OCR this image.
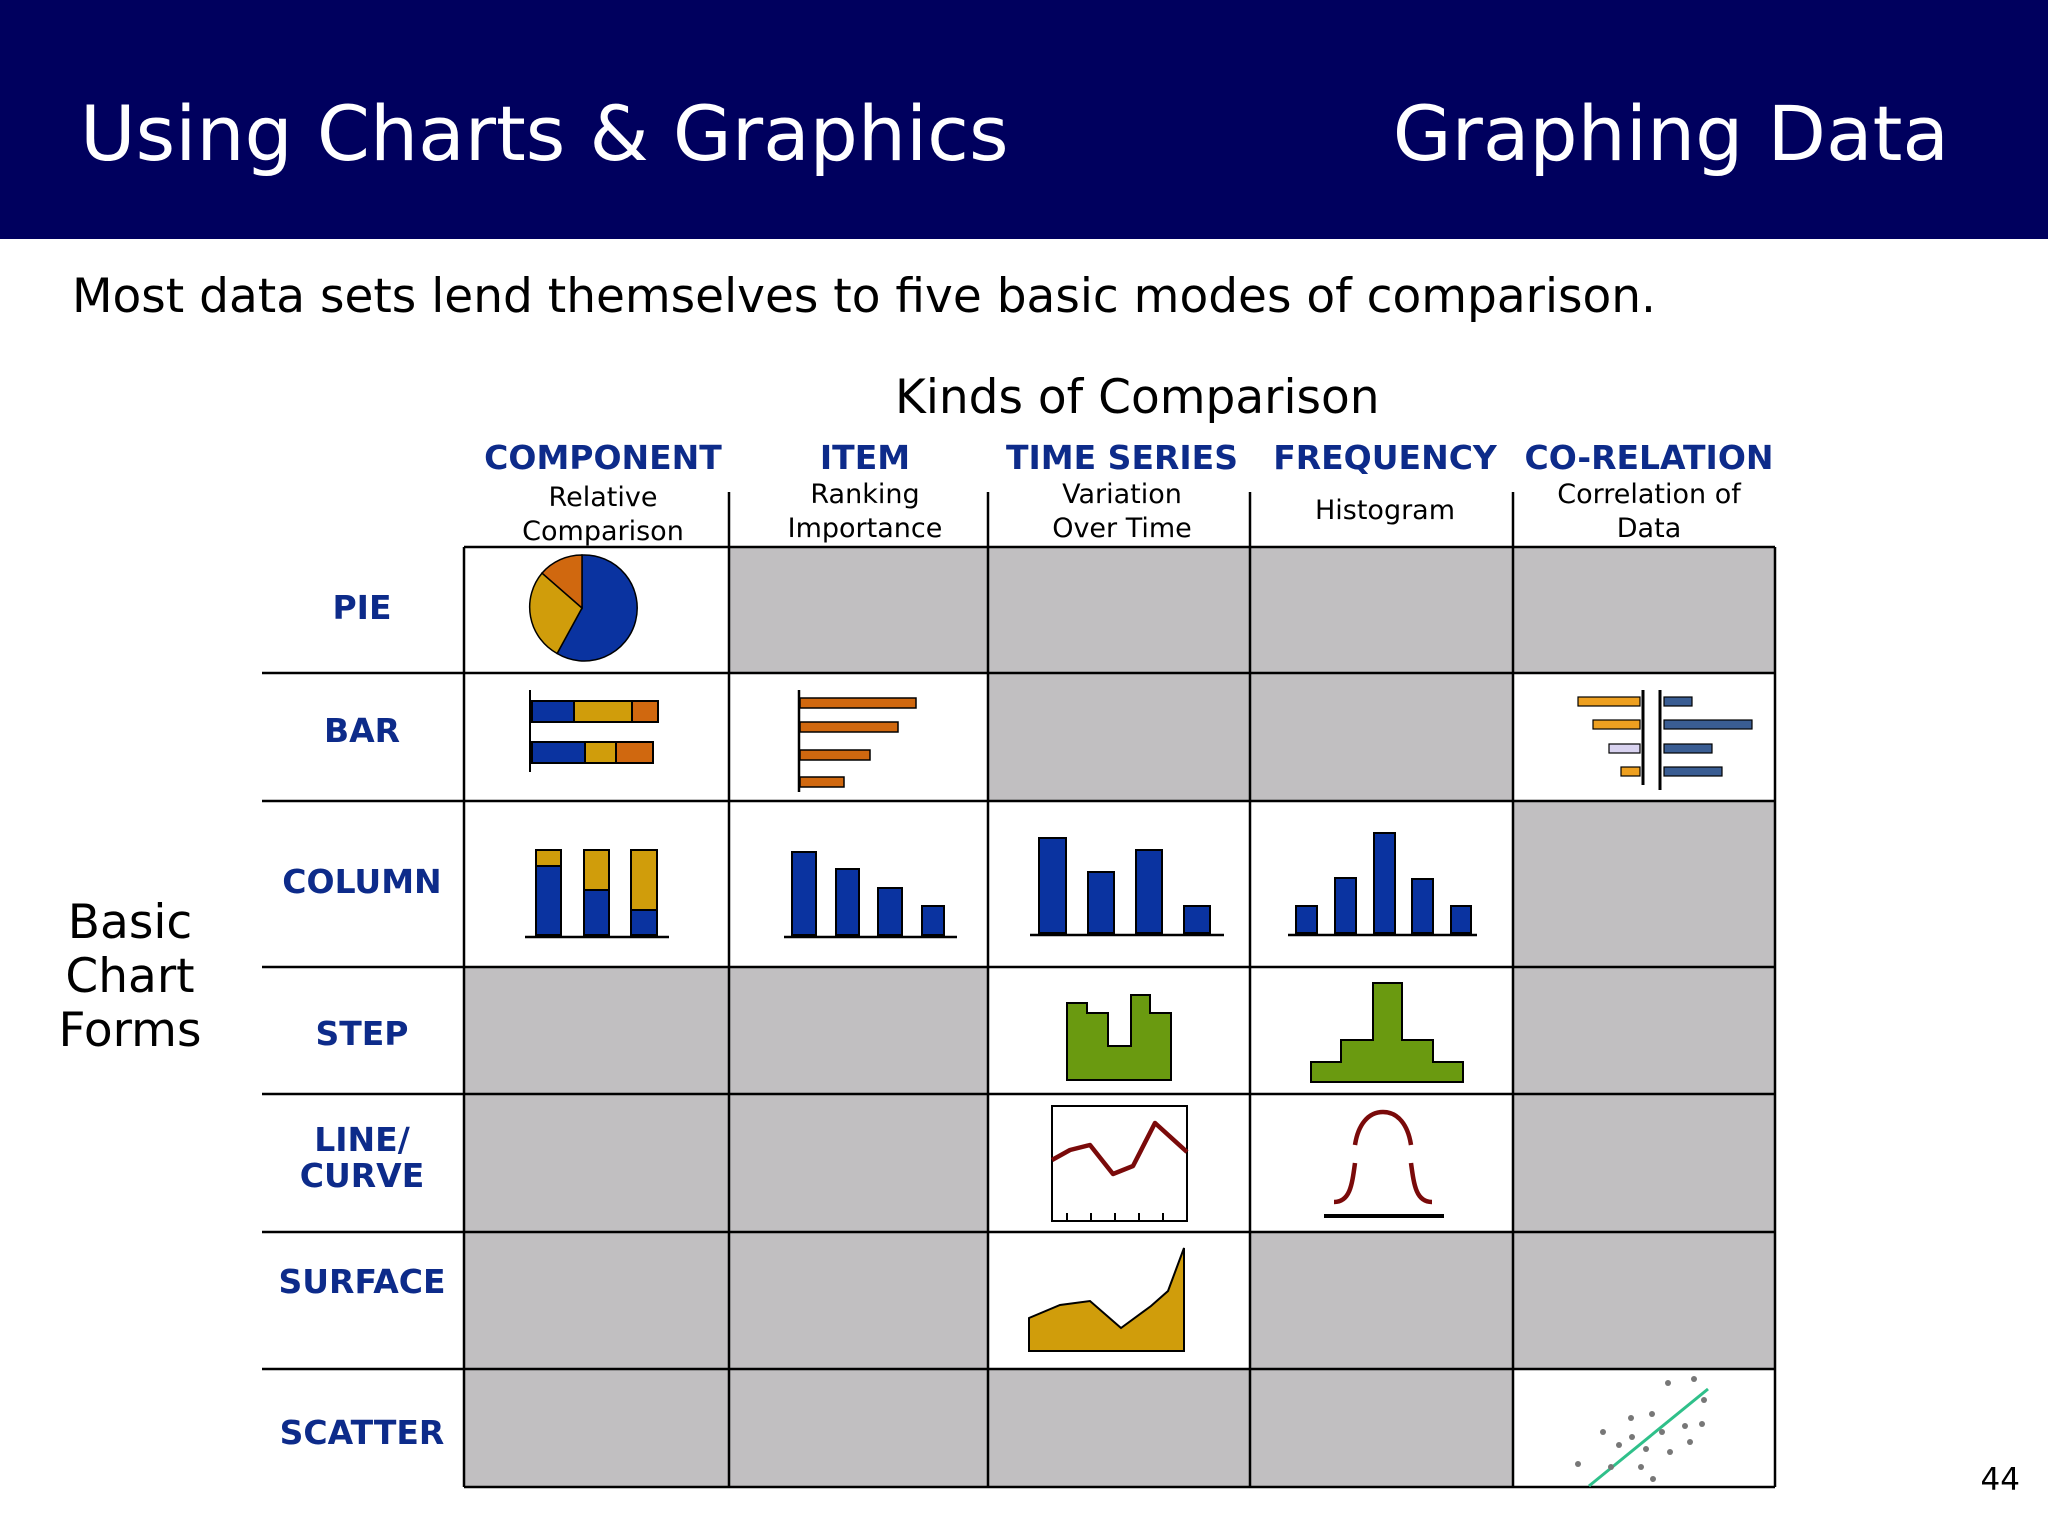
Using Charts & Graphics	Graphing Data
Most data sets lend themselves to five basic modes of comparison.
Kinds of Comparison
COMPONENT
Relative
Comparison
ITEM
Ranking
Importance
TIME SERIES
Variation
Over Time
FREQUENCY
Histogram
CO-RELATION
Correlation of
Data
PIE
BAR
COLUMN
STEP
LINE/
CURVE
SURFACE
SCATTER
Basic
Chart
Forms
44
